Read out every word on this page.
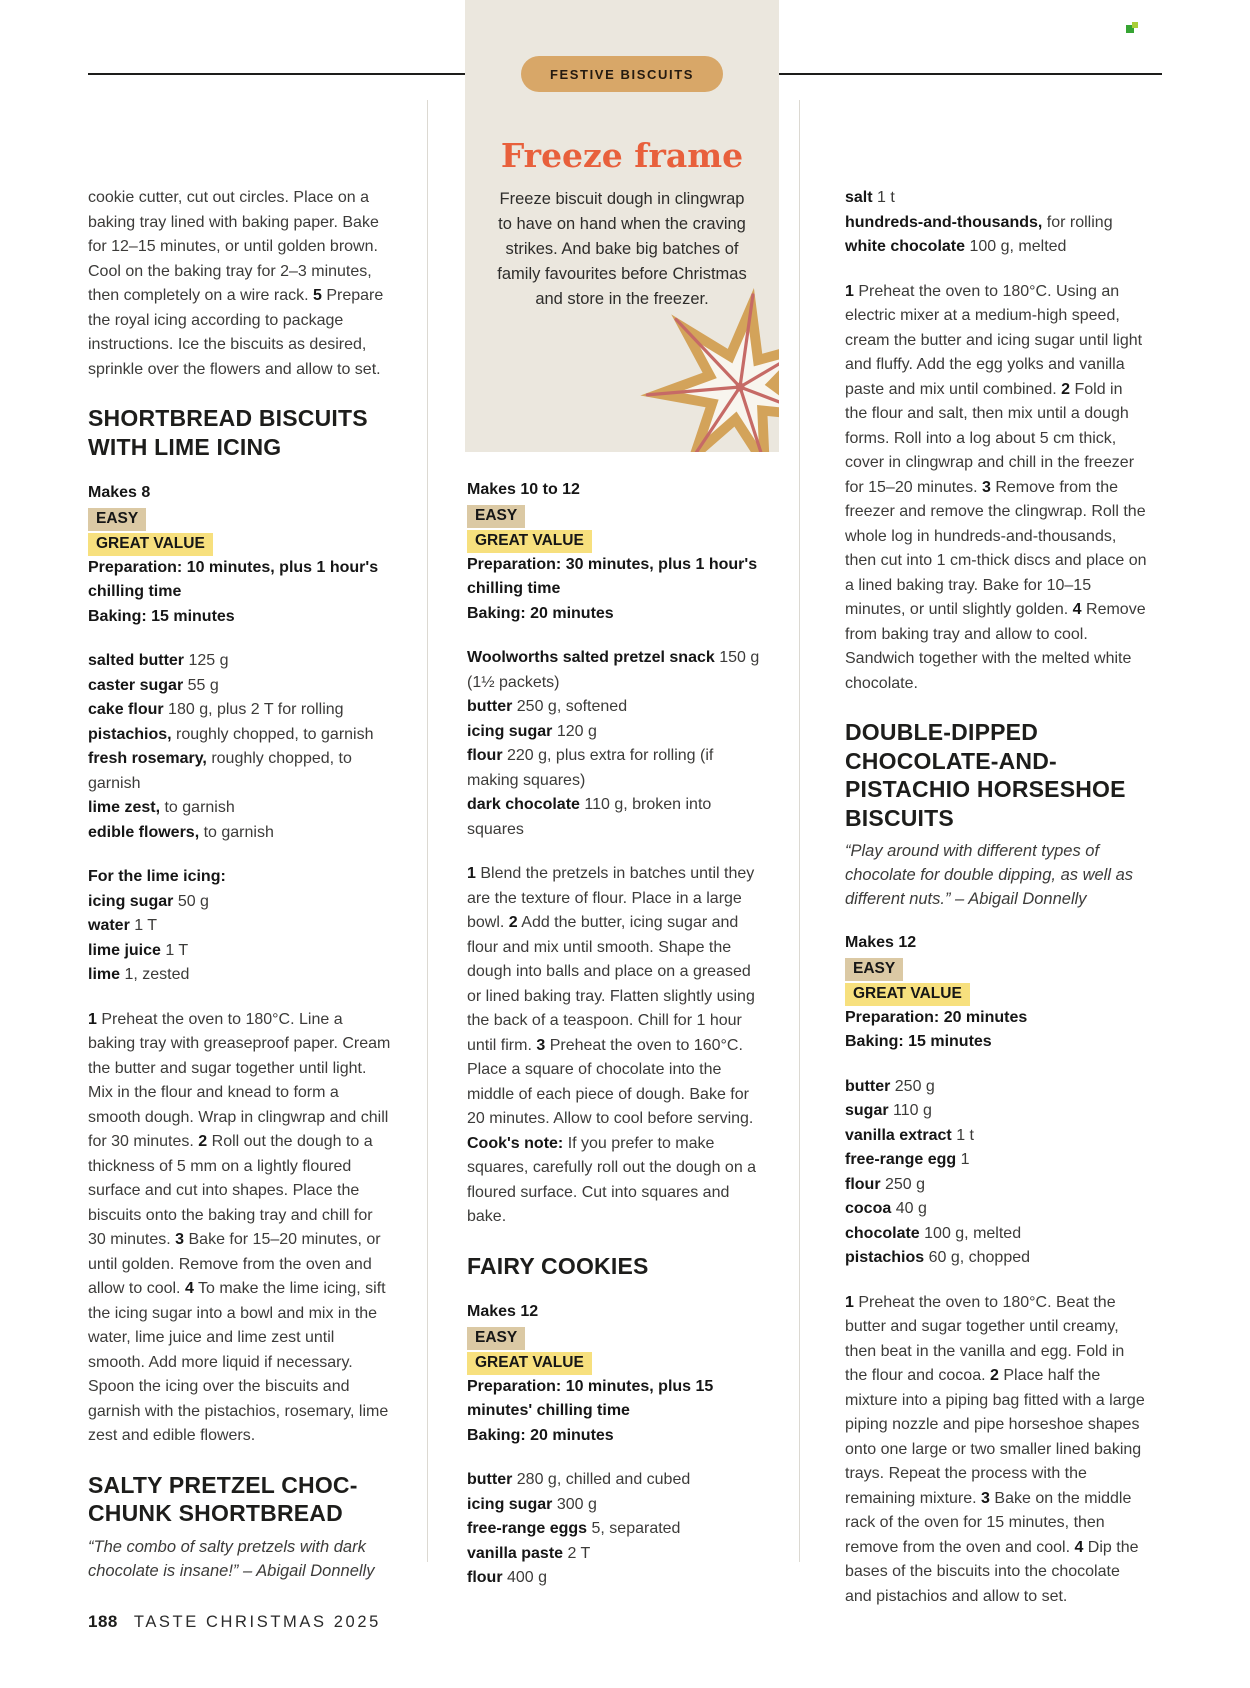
Freeze frame
Freeze biscuit dough in clingwrap to have on hand when the craving strikes. And bake big batches of family favourites before Christmas and store in the freezer.
FESTIVE BISCUITS

cookie cutter, cut out circles. Place on a baking tray lined with baking paper. Bake for 12–15 minutes, or until golden brown. Cool on the baking tray for 2–3 minutes, then completely on a wire rack. 5 Prepare the royal icing according to package instructions. Ice the biscuits as desired, sprinkle over the flowers and allow to set.

SHORTBREAD BISCUITS WITH LIME ICING

Makes 8

EASY

GREAT VALUE

Preparation: 10 minutes, plus 1 hour's chilling time

Baking: 15 minutes

salted butter 125 g
caster sugar 55 g
cake flour 180 g, plus 2 T for rolling
pistachios, roughly chopped, to garnish
fresh rosemary, roughly chopped, to garnish
lime zest, to garnish
edible flowers, to garnish

For the lime icing:

icing sugar 50 g
water 1 T
lime juice 1 T
lime 1, zested

1 Preheat the oven to 180°C. Line a baking tray with greaseproof paper. Cream the butter and sugar together until light. Mix in the flour and knead to form a smooth dough. Wrap in clingwrap and chill for 30 minutes. 2 Roll out the dough to a thickness of 5 mm on a lightly floured surface and cut into shapes. Place the biscuits onto the baking tray and chill for 30 minutes. 3 Bake for 15–20 minutes, or until golden. Remove from the oven and allow to cool. 4 To make the lime icing, sift the icing sugar into a bowl and mix in the water, lime juice and lime zest until smooth. Add more liquid if necessary. Spoon the icing over the biscuits and garnish with the pistachios, rosemary, lime zest and edible flowers.

SALTY PRETZEL CHOC-CHUNK SHORTBREAD

“The combo of salty pretzels with dark chocolate is insane!” – Abigail Donnelly

Makes 10 to 12

EASY

GREAT VALUE

Preparation: 30 minutes, plus 1 hour's chilling time

Baking: 20 minutes

Woolworths salted pretzel snack 150 g (1½ packets)
butter 250 g, softened
icing sugar 120 g
flour 220 g, plus extra for rolling (if making squares)
dark chocolate 110 g, broken into squares

1 Blend the pretzels in batches until they are the texture of flour. Place in a large bowl. 2 Add the butter, icing sugar and flour and mix until smooth. Shape the dough into balls and place on a greased or lined baking tray. Flatten slightly using the back of a teaspoon. Chill for 1 hour until firm. 3 Preheat the oven to 160°C. Place a square of chocolate into the middle of each piece of dough. Bake for 20 minutes. Allow to cool before serving.

Cook's note: If you prefer to make squares, carefully roll out the dough on a floured surface. Cut into squares and bake.

FAIRY COOKIES

Makes 12

EASY

GREAT VALUE

Preparation: 10 minutes, plus 15 minutes' chilling time

Baking: 20 minutes

butter 280 g, chilled and cubed
icing sugar 300 g
free-range eggs 5, separated
vanilla paste 2 T
flour 400 g
salt 1 t
hundreds-and-thousands, for rolling
white chocolate 100 g, melted

1 Preheat the oven to 180°C. Using an electric mixer at a medium-high speed, cream the butter and icing sugar until light and fluffy. Add the egg yolks and vanilla paste and mix until combined. 2 Fold in the flour and salt, then mix until a dough forms. Roll into a log about 5 cm thick, cover in clingwrap and chill in the freezer for 15–20 minutes. 3 Remove from the freezer and remove the clingwrap. Roll the whole log in hundreds-and-thousands, then cut into 1 cm-thick discs and place on a lined baking tray. Bake for 10–15 minutes, or until slightly golden. 4 Remove from baking tray and allow to cool. Sandwich together with the melted white chocolate.

DOUBLE-DIPPED CHOCOLATE-AND-PISTACHIO HORSESHOE BISCUITS

“Play around with different types of chocolate for double dipping, as well as different nuts.” – Abigail Donnelly

Makes 12

EASY

GREAT VALUE

Preparation: 20 minutes

Baking: 15 minutes

butter 250 g
sugar 110 g
vanilla extract 1 t
free-range egg 1
flour 250 g
cocoa 40 g
chocolate 100 g, melted
pistachios 60 g, chopped

1 Preheat the oven to 180°C. Beat the butter and sugar together until creamy, then beat in the vanilla and egg. Fold in the flour and cocoa. 2 Place half the mixture into a piping bag fitted with a large piping nozzle and pipe horseshoe shapes onto one large or two smaller lined baking trays. Repeat the process with the remaining mixture. 3 Bake on the middle rack of the oven for 15 minutes, then remove from the oven and cool. 4 Dip the bases of the biscuits into the chocolate and pistachios and allow to set.

188 TASTE CHRISTMAS 2025
